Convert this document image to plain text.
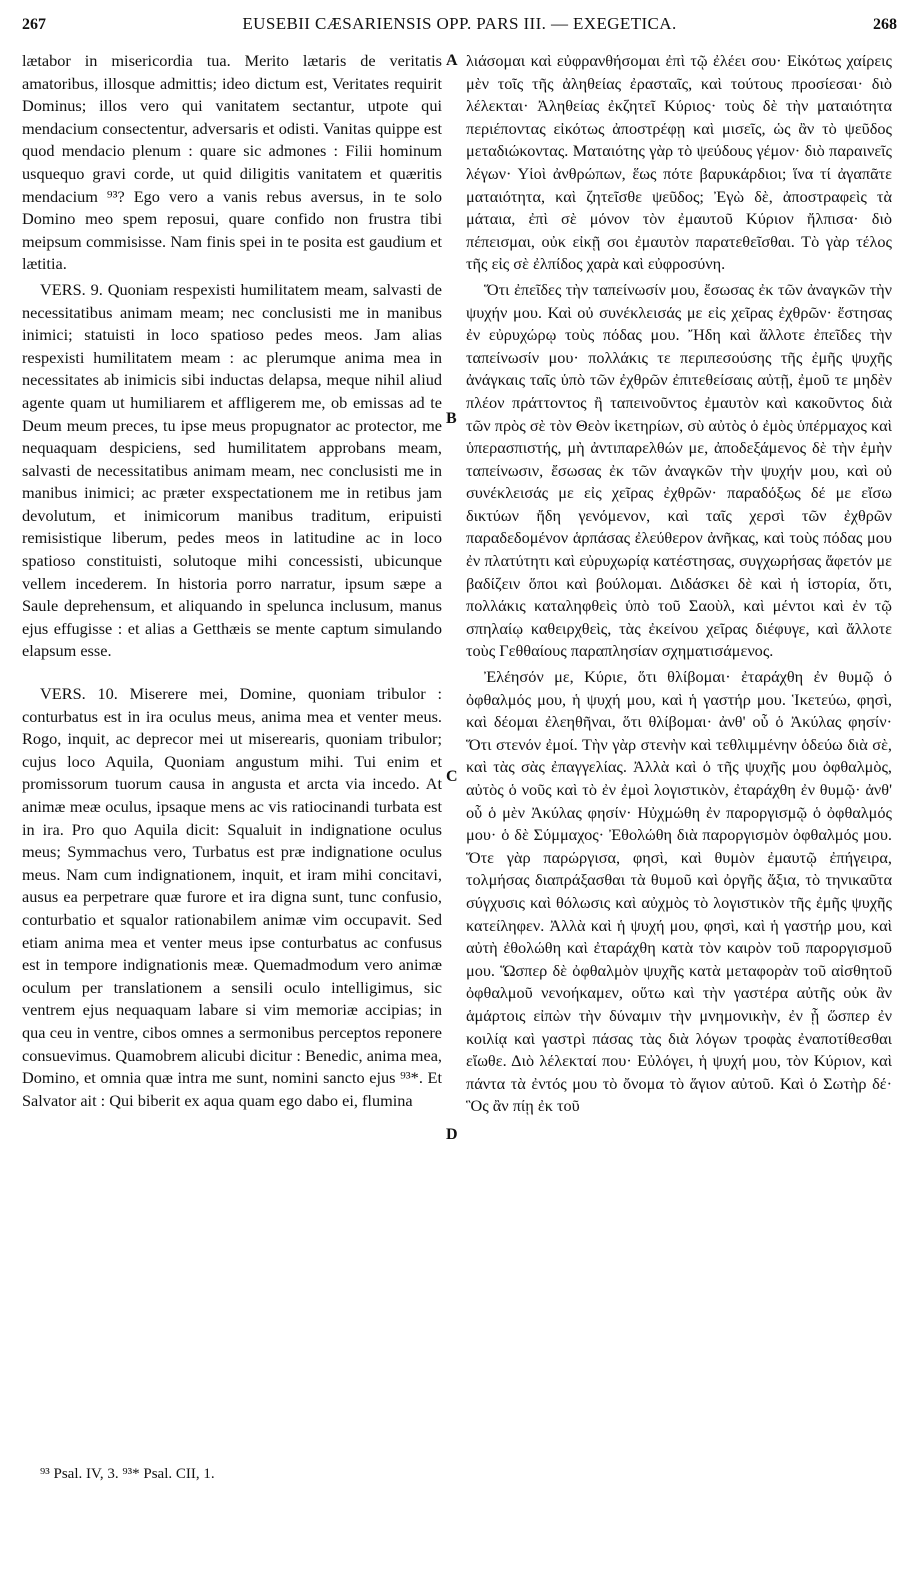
267	EUSEBII CÆSARIENSIS OPP. PARS III. — EXEGETICA.	268

lætabor in misericordia tua. Merito lætaris de veritatis amatoribus, illosque admittis; ideo dictum est, Veritates requirit Dominus; illos vero qui vanitatem sectantur, utpote qui mendacium consectentur, adversaris et odisti. Vanitas quippe est quod mendacio plenum : quare sic admones : Filii hominum usquequo gravi corde, ut quid diligitis vanitatem et quæritis mendacium ⁹³? Ego vero a vanis rebus aversus, in te solo Domino meo spem reposui, quare confido non frustra tibi meipsum commisisse. Nam finis spei in te posita est gaudium et lætitia.

VERS. 9. Quoniam respexisti humilitatem meam, salvasti de necessitatibus animam meam; nec conclusisti me in manibus inimici; statuisti in loco spatioso pedes meos. Jam alias respexisti humilitatem meam : ac plerumque anima mea in necessitates ab inimicis sibi inductas delapsa, meque nihil aliud agente quam ut humiliarem et affligerem me, ob emissas ad te Deum meum preces, tu ipse meus propugnator ac protector, me nequaquam despiciens, sed humilitatem approbans meam, salvasti de necessitatibus animam meam, nec conclusisti me in manibus inimici; ac præter exspectationem me in retibus jam devolutum, et inimicorum manibus traditum, eripuisti remisistique liberum, pedes meos in latitudine ac in loco spatioso constituisti, solutoque mihi concessisti, ubicunque vellem incederem. In historia porro narratur, ipsum sæpe a Saule deprehensum, et aliquando in spelunca inclusum, manus ejus effugisse : et alias a Getthæis se mente captum simulando elapsum esse.

VERS. 10. Miserere mei, Domine, quoniam tribulor : conturbatus est in ira oculus meus, anima mea et venter meus. Rogo, inquit, ac deprecor mei ut miserearis, quoniam tribulor; cujus loco Aquila, Quoniam angustum mihi. Tui enim et promissorum tuorum causa in angusta et arcta via incedo. At animæ meæ oculus, ipsaque mens ac vis ratiocinandi turbata est in ira. Pro quo Aquila dicit: Squaluit in indignatione oculus meus; Symmachus vero, Turbatus est præ indignatione oculus meus. Nam cum indignationem, inquit, et iram mihi concitavi, ausus ea perpetrare quæ furore et ira digna sunt, tunc confusio, conturbatio et squalor rationabilem animæ vim occupavit. Sed etiam anima mea et venter meus ipse conturbatus ac confusus est in tempore indignationis meæ. Quemadmodum vero animæ oculum per translationem a sensili oculo intelligimus, sic ventrem ejus nequaquam labare si vim memoriæ accipias; in qua ceu in ventre, cibos omnes a sermonibus perceptos reponere consuevimus. Quamobrem alicubi dicitur : Benedic, anima mea, Domino, et omnia quæ intra me sunt, nomini sancto ejus ⁹³*. Et Salvator ait : Qui biberit ex aqua quam ego dabo ei, flumina

A
B
C
D

λιάσομαι καὶ εὐφρανθήσομαι ἐπὶ τῷ ἐλέει σου· Εἰκότως χαίρεις μὲν τοῖς τῆς ἀληθείας ἐρασταῖς, καὶ τούτους προσίεσαι· διὸ λέλεκται· Ἀληθείας ἐκζητεῖ Κύριος· τοὺς δὲ τὴν ματαιότητα περιέποντας εἰκότως ἀποστρέφῃ καὶ μισεῖς, ὡς ἂν τὸ ψεῦδος μεταδιώκοντας. Ματαιότης γὰρ τὸ ψεύδους γέμον· διὸ παραινεῖς λέγων· Υἱοὶ ἀνθρώπων, ἕως πότε βαρυκάρδιοι; ἵνα τί ἀγαπᾶτε ματαιότητα, καὶ ζητεῖσθε ψεῦδος; Ἐγὼ δὲ, ἀποστραφεὶς τὰ μάταια, ἐπὶ σὲ μόνον τὸν ἐμαυτοῦ Κύριον ἤλπισα· διὸ πέπεισμαι, οὐκ εἰκῇ σοι ἐμαυτὸν παρατεθεῖσθαι. Τὸ γὰρ τέλος τῆς εἰς σὲ ἐλπίδος χαρὰ καὶ εὐφροσύνη.

Ὅτι ἐπεῖδες τὴν ταπείνωσίν μου, ἔσωσας ἐκ τῶν ἀναγκῶν τὴν ψυχήν μου. Καὶ οὐ συνέκλεισάς με εἰς χεῖρας ἐχθρῶν· ἔστησας ἐν εὐρυχώρῳ τοὺς πόδας μου. Ἤδη καὶ ἄλλοτε ἐπεῖδες τὴν ταπείνωσίν μου· πολλάκις τε περιπεσούσης τῆς ἐμῆς ψυχῆς ἀνάγκαις ταῖς ὑπὸ τῶν ἐχθρῶν ἐπιτεθείσαις αὐτῇ, ἐμοῦ τε μηδὲν πλέον πράττοντος ἢ ταπεινοῦντος ἐμαυτὸν καὶ κακοῦντος διὰ τῶν πρὸς σὲ τὸν Θεὸν ἱκετηρίων, σὺ αὐτὸς ὁ ἐμὸς ὑπέρμαχος καὶ ὑπερασπιστής, μὴ ἀντιπαρελθών με, ἀποδεξάμενος δὲ τὴν ἐμὴν ταπείνωσιν, ἔσωσας ἐκ τῶν ἀναγκῶν τὴν ψυχήν μου, καὶ οὐ συνέκλεισάς με εἰς χεῖρας ἐχθρῶν· παραδόξως δέ με εἴσω δικτύων ἤδη γενόμενον, καὶ ταῖς χερσὶ τῶν ἐχθρῶν παραδεδομένον ἁρπάσας ἐλεύθερον ἀνῆκας, καὶ τοὺς πόδας μου ἐν πλατύτητι καὶ εὐρυχωρίᾳ κατέστησας, συγχωρήσας ἄφετόν με βαδίζειν ὅποι καὶ βούλομαι. Διδάσκει δὲ καὶ ἡ ἱστορία, ὅτι, πολλάκις καταληφθεὶς ὑπὸ τοῦ Σαοὺλ, καὶ μέντοι καὶ ἐν τῷ σπηλαίῳ καθειρχθεὶς, τὰς ἐκείνου χεῖρας διέφυγε, καὶ ἄλλοτε τοὺς Γεθθαίους παραπλησίαν σχηματισάμενος.

Ἐλέησόν με, Κύριε, ὅτι θλίβομαι· ἐταράχθη ἐν θυμῷ ὁ ὀφθαλμός μου, ἡ ψυχή μου, καὶ ἡ γαστήρ μου. Ἱκετεύω, φησὶ, καὶ δέομαι ἐλεηθῆναι, ὅτι θλίβομαι· ἀνθ' οὗ ὁ Ἀκύλας φησίν· Ὅτι στενόν ἐμοί. Τὴν γὰρ στενὴν καὶ τεθλιμμένην ὁδεύω διὰ σὲ, καὶ τὰς σὰς ἐπαγγελίας. Ἀλλὰ καὶ ὁ τῆς ψυχῆς μου ὀφθαλμὸς, αὐτὸς ὁ νοῦς καὶ τὸ ἐν ἐμοὶ λογιστικὸν, ἐταράχθη ἐν θυμῷ· ἀνθ' οὗ ὁ μὲν Ἀκύλας φησίν· Ηὐχμώθη ἐν παροργισμῷ ὁ ὀφθαλμός μου· ὁ δὲ Σύμμαχος· Ἐθολώθη διὰ παροργισμὸν ὀφθαλμός μου. Ὅτε γὰρ παρώργισα, φησὶ, καὶ θυμὸν ἐμαυτῷ ἐπήγειρα, τολμήσας διαπράξασθαι τὰ θυμοῦ καὶ ὀργῆς ἄξια, τὸ τηνικαῦτα σύγχυσις καὶ θόλωσις καὶ αὐχμὸς τὸ λογιστικὸν τῆς ἐμῆς ψυχῆς κατείληφεν. Ἀλλὰ καὶ ἡ ψυχή μου, φησὶ, καὶ ἡ γαστήρ μου, καὶ αὐτὴ ἐθολώθη καὶ ἐταράχθη κατὰ τὸν καιρὸν τοῦ παροργισμοῦ μου. Ὥσπερ δὲ ὀφθαλμὸν ψυχῆς κατὰ μεταφορὰν τοῦ αἰσθητοῦ ὀφθαλμοῦ νενοήκαμεν, οὕτω καὶ τὴν γαστέρα αὐτῆς οὐκ ἂν ἁμάρτοις εἰπὼν τὴν δύναμιν τὴν μνημονικὴν, ἐν ᾗ ὥσπερ ἐν κοιλίᾳ καὶ γαστρὶ πάσας τὰς διὰ λόγων τροφὰς ἐναποτίθεσθαι εἴωθε. Διὸ λέλεκταί που· Εὐλόγει, ἡ ψυχή μου, τὸν Κύριον, καὶ πάντα τὰ ἐντός μου τὸ ὄνομα τὸ ἅγιον αὐτοῦ. Καὶ ὁ Σωτὴρ δέ· Ὃς ἂν πίῃ ἐκ τοῦ

⁹³ Psal. IV, 3. ⁹³* Psal. CII, 1.
